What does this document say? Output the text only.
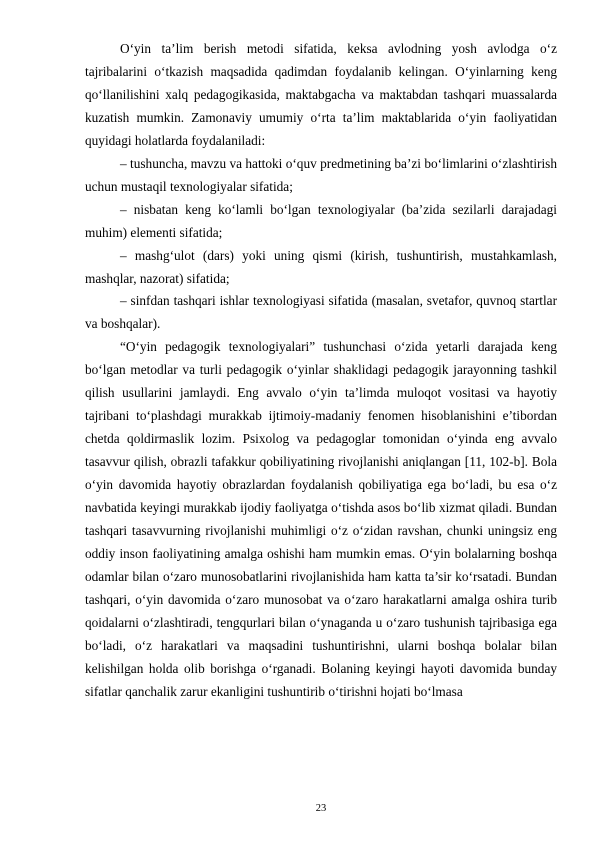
O‘yin ta’lim berish metodi sifatida, keksa avlodning yosh avlodga o‘z tajribalarini o‘tkazish maqsadida qadimdan foydalanib kelingan. O‘yinlarning keng qo‘llanilishini xalq pedagogikasida, maktabgacha va maktabdan tashqari muassalarda kuzatish mumkin. Zamonaviy umumiy o‘rta ta’lim maktablarida o‘yin faoliyatidan quyidagi holatlarda foydalaniladi:

– tushuncha, mavzu va hattoki o‘quv predmetining ba’zi bo‘limlarini o‘zlashtirish uchun mustaqil texnologiyalar sifatida;

– nisbatan keng ko‘lamli bo‘lgan texnologiyalar (ba’zida sezilarli darajadagi muhim) elementi sifatida;

– mashg‘ulot (dars) yoki uning qismi (kirish, tushuntirish, mustahkamlash, mashqlar, nazorat) sifatida;

– sinfdan tashqari ishlar texnologiyasi sifatida (masalan, svetafor, quvnoq startlar va boshqalar).

“O‘yin pedagogik texnologiyalari” tushunchasi o‘zida yetarli darajada keng bo‘lgan metodlar va turli pedagogik o‘yinlar shaklidagi pedagogik jarayonning tashkil qilish usullarini jamlaydi. Eng avvalo o‘yin ta’limda muloqot vositasi va hayotiy tajribani to‘plashdagi murakkab ijtimoiy-madaniy fenomen hisoblanishini e’tibordan chetda qoldirmaslik lozim. Psixolog va pedagoglar tomonidan o‘yinda eng avvalo tasavvur qilish, obrazli tafakkur qobiliyatining rivojlanishi aniqlangan [11, 102-b]. Bola o‘yin davomida hayotiy obrazlardan foydalanish qobiliyatiga ega bo‘ladi, bu esa o‘z navbatida keyingi murakkab ijodiy faoliyatga o‘tishda asos bo‘lib xizmat qiladi. Bundan tashqari tasavvurning rivojlanishi muhimligi o‘z o‘zidan ravshan, chunki uningsiz eng oddiy inson faoliyatining amalga oshishi ham mumkin emas. O‘yin bolalarning boshqa odamlar bilan o‘zaro munosobatlarini rivojlanishida ham katta ta’sir ko‘rsatadi. Bundan tashqari, o‘yin davomida o‘zaro munosobat va o‘zaro harakatlarni amalga oshira turib qoidalarni o‘zlashtiradi, tengqurlari bilan o‘ynaganda u o‘zaro tushunish tajribasiga ega bo‘ladi, o‘z harakatlari va maqsadini tushuntirishni, ularni boshqa bolalar bilan kelishilgan holda olib borishga o‘rganadi. Bolaning keyingi hayoti davomida bunday sifatlar qanchalik zarur ekanligini tushuntirib o‘tirishni hojati bo‘lmasa

23
